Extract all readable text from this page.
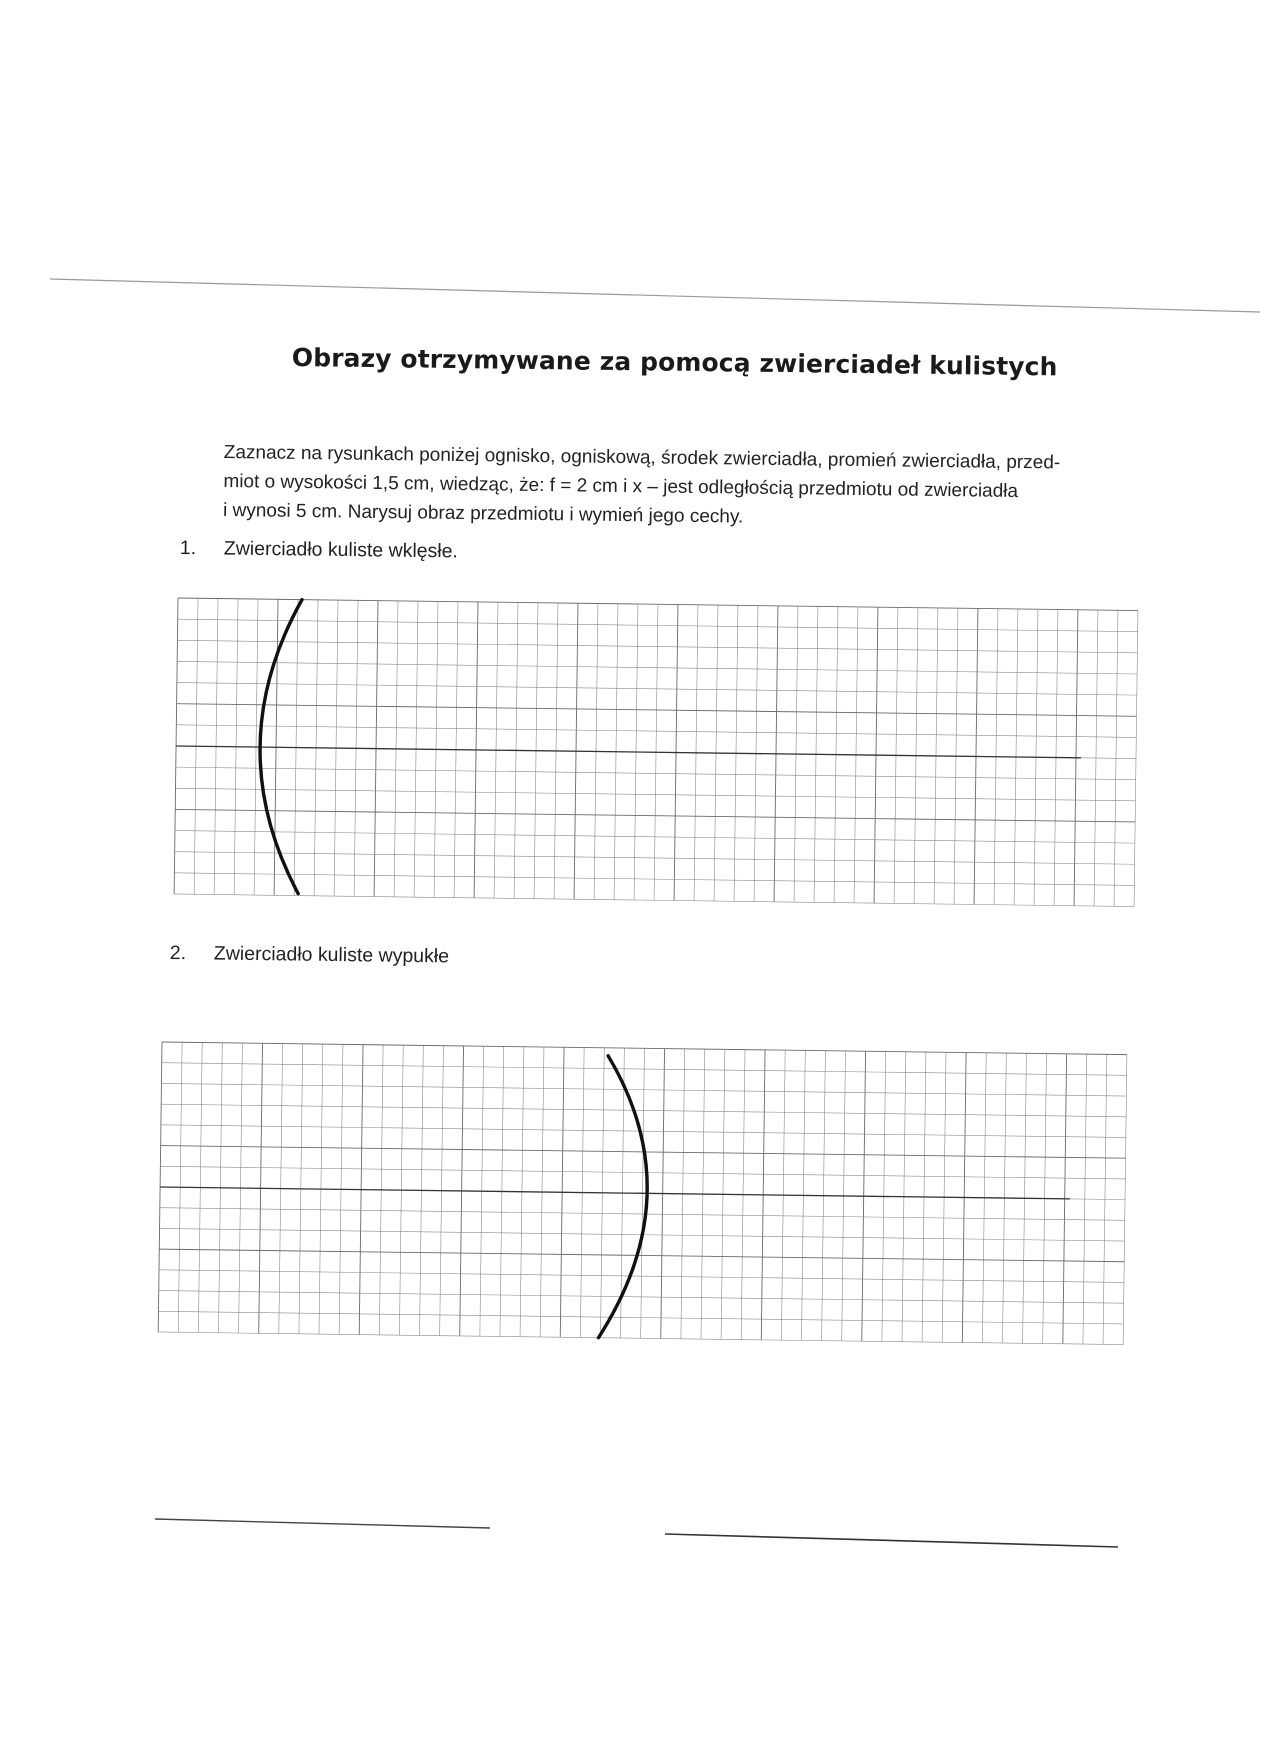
Obrazy otrzymywane za pomocą zwierciadeł kulistych
Zaznacz na rysunkach poniżej ognisko, ogniskową, środek zwierciadła, promień zwierciadła, przed-
miot o wysokości 1,5 cm, wiedząc, że: f = 2 cm i x – jest odległością przedmiotu od zwierciadła
i wynosi 5 cm. Narysuj obraz przedmiotu i wymień jego cechy.
1. Zwierciadło kuliste wklęsłe.
2. Zwierciadło kuliste wypukłe
